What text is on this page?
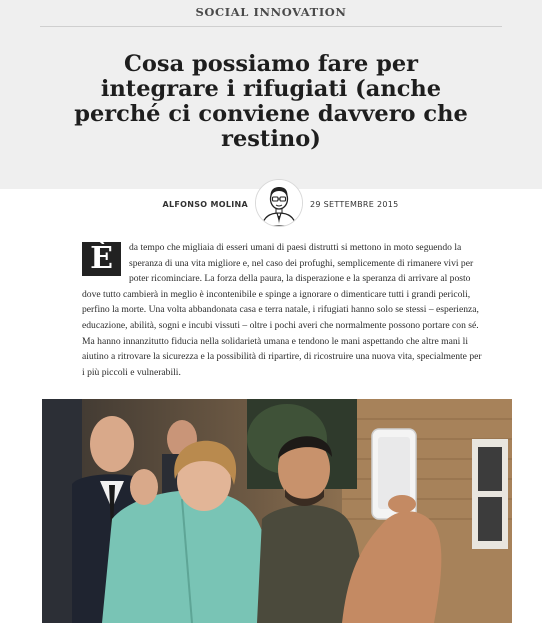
SOCIAL INNOVATION
Cosa possiamo fare per integrare i rifugiati (anche perché ci conviene davvero che restino)
ALFONSO MOLINA	29 SETTEMBRE 2015

È	da tempo che migliaia di esseri umani di paesi distrutti si mettono in moto seguendo la speranza di una vita migliore e, nel caso dei profughi, semplicemente di rimanere vivi per poter ricominciare. La forza della paura, la disperazione e la speranza di arrivare al posto dove tutto cambierà in meglio è incontenibile e spinge a ignorare o dimenticare tutti i grandi pericoli, perfino la morte. Una volta abbandonata casa e terra natale, i rifugiati hanno solo se stessi – esperienza, educazione, abilità, sogni e incubi vissuti – oltre i pochi averi che normalmente possono portare con sé. Ma hanno innanzitutto fiducia nella solidarietà umana e tendono le mani aspettando che altre mani li aiutino a ritrovare la sicurezza e la possibilità di ripartire, di ricostruire una nuova vita, specialmente per i più piccoli e vulnerabili.
